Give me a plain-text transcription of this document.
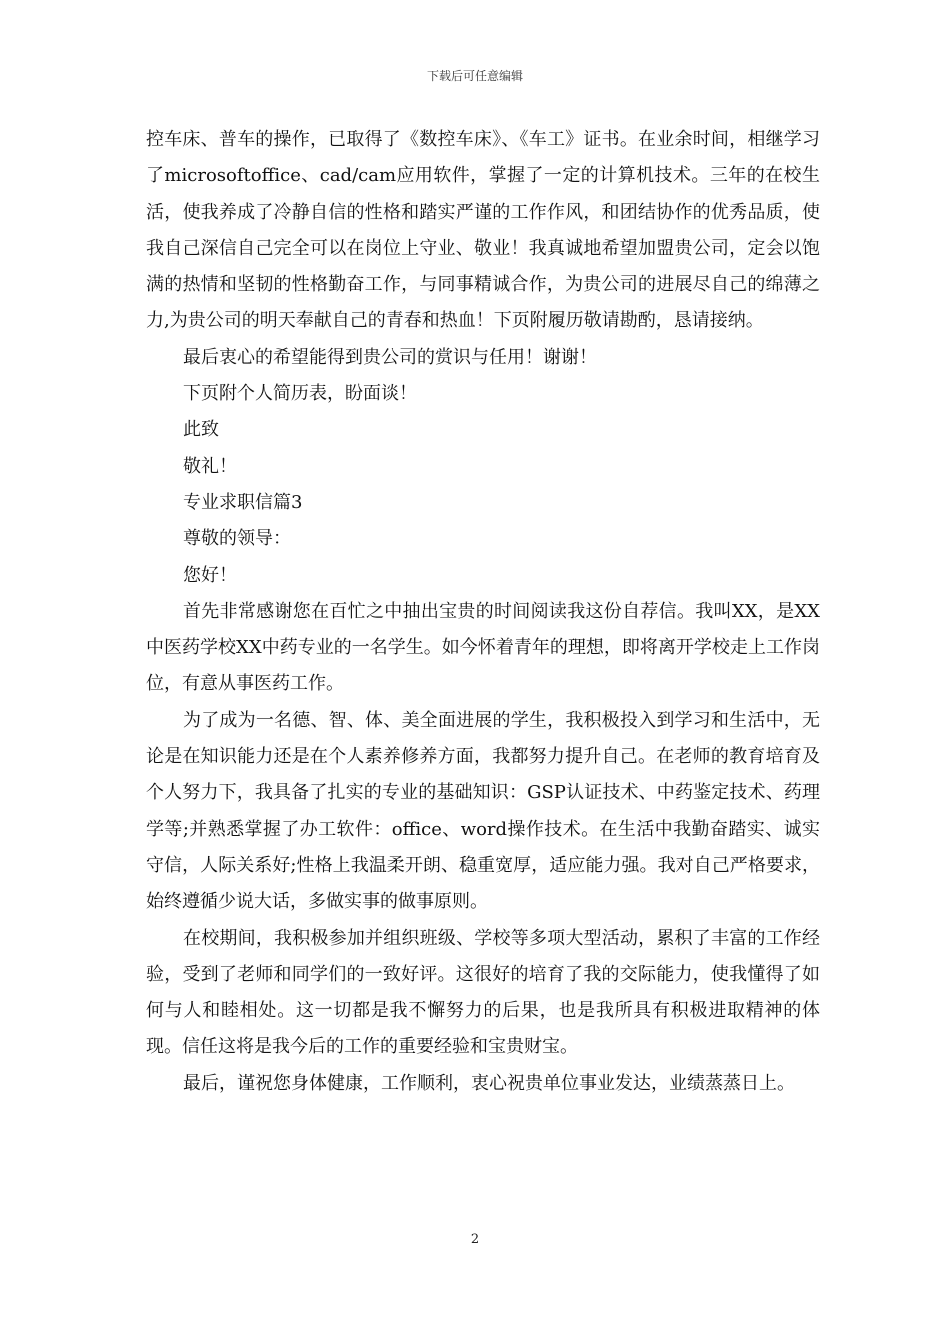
下载后可任意编辑

控车床、普车的操作，已取得了《数控车床》、《车工》证书。在业余时间，相继学习了microsoftoffice、cad/cam应用软件，掌握了一定的计算机技术。三年的在校生活，使我养成了冷静自信的性格和踏实严谨的工作作风，和团结协作的优秀品质，使我自己深信自己完全可以在岗位上守业、敬业！我真诚地希望加盟贵公司，定会以饱满的热情和坚韧的性格勤奋工作，与同事精诚合作，为贵公司的进展尽自己的绵薄之力,为贵公司的明天奉献自己的青春和热血！下页附履历敬请勘酌，恳请接纳。

最后衷心的希望能得到贵公司的赏识与任用！谢谢！

下页附个人简历表，盼面谈！

此致

敬礼！

专业求职信篇3

尊敬的领导：

您好！

首先非常感谢您在百忙之中抽出宝贵的时间阅读我这份自荐信。我叫XX，是XX中医药学校XX中药专业的一名学生。如今怀着青年的理想，即将离开学校走上工作岗位，有意从事医药工作。

为了成为一名德、智、体、美全面进展的学生，我积极投入到学习和生活中，无论是在知识能力还是在个人素养修养方面，我都努力提升自己。在老师的教育培育及个人努力下，我具备了扎实的专业的基础知识：GSP认证技术、中药鉴定技术、药理学等;并熟悉掌握了办工软件：office、word操作技术。在生活中我勤奋踏实、诚实守信，人际关系好;性格上我温柔开朗、稳重宽厚，适应能力强。我对自己严格要求，始终遵循少说大话，多做实事的做事原则。

在校期间，我积极参加并组织班级、学校等多项大型活动，累积了丰富的工作经验，受到了老师和同学们的一致好评。这很好的培育了我的交际能力，使我懂得了如何与人和睦相处。这一切都是我不懈努力的后果，也是我所具有积极进取精神的体现。信任这将是我今后的工作的重要经验和宝贵财宝。

最后，谨祝您身体健康，工作顺利，衷心祝贵单位事业发达，业绩蒸蒸日上。

2
